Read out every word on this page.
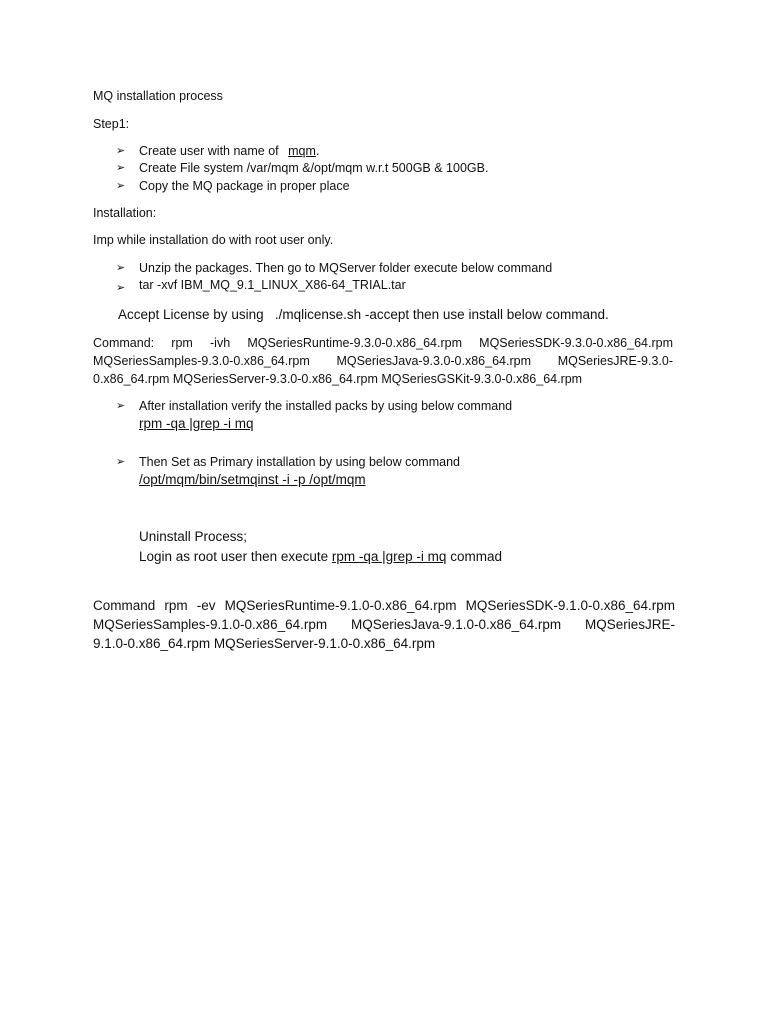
MQ installation process
Step1:
➢ Create user with name of mqm.
➢ Create File system /var/mqm &/opt/mqm w.r.t 500GB & 100GB.
➢ Copy the MQ package in proper place
Installation:
Imp while installation do with root user only.
➢ Unzip the packages. Then go to MQServer folder execute below command
➢ tar -xvf IBM_MQ_9.1_LINUX_X86-64_TRIAL.tar
Accept License by using   ./mqlicense.sh -accept then use install below command.
Command:   rpm   -ivh   MQSeriesRuntime-9.3.0-0.x86_64.rpm   MQSeriesSDK-9.3.0-0.x86_64.rpm
MQSeriesSamples-9.3.0-0.x86_64.rpm   MQSeriesJava-9.3.0-0.x86_64.rpm   MQSeriesJRE-9.3.0-
0.x86_64.rpm MQSeriesServer-9.3.0-0.x86_64.rpm MQSeriesGSKit-9.3.0-0.x86_64.rpm
➢ After installation verify the installed packs by using below command
rpm -qa |grep -i mq
➢ Then Set as Primary installation by using below command
/opt/mqm/bin/setmqinst -i -p /opt/mqm
Uninstall Process;
Login as root user then execute rpm -qa |grep -i mq commad
Command rpm -ev MQSeriesRuntime-9.1.0-0.x86_64.rpm MQSeriesSDK-9.1.0-0.x86_64.rpm
MQSeriesSamples-9.1.0-0.x86_64.rpm   MQSeriesJava-9.1.0-0.x86_64.rpm   MQSeriesJRE-
9.1.0-0.x86_64.rpm MQSeriesServer-9.1.0-0.x86_64.rpm
